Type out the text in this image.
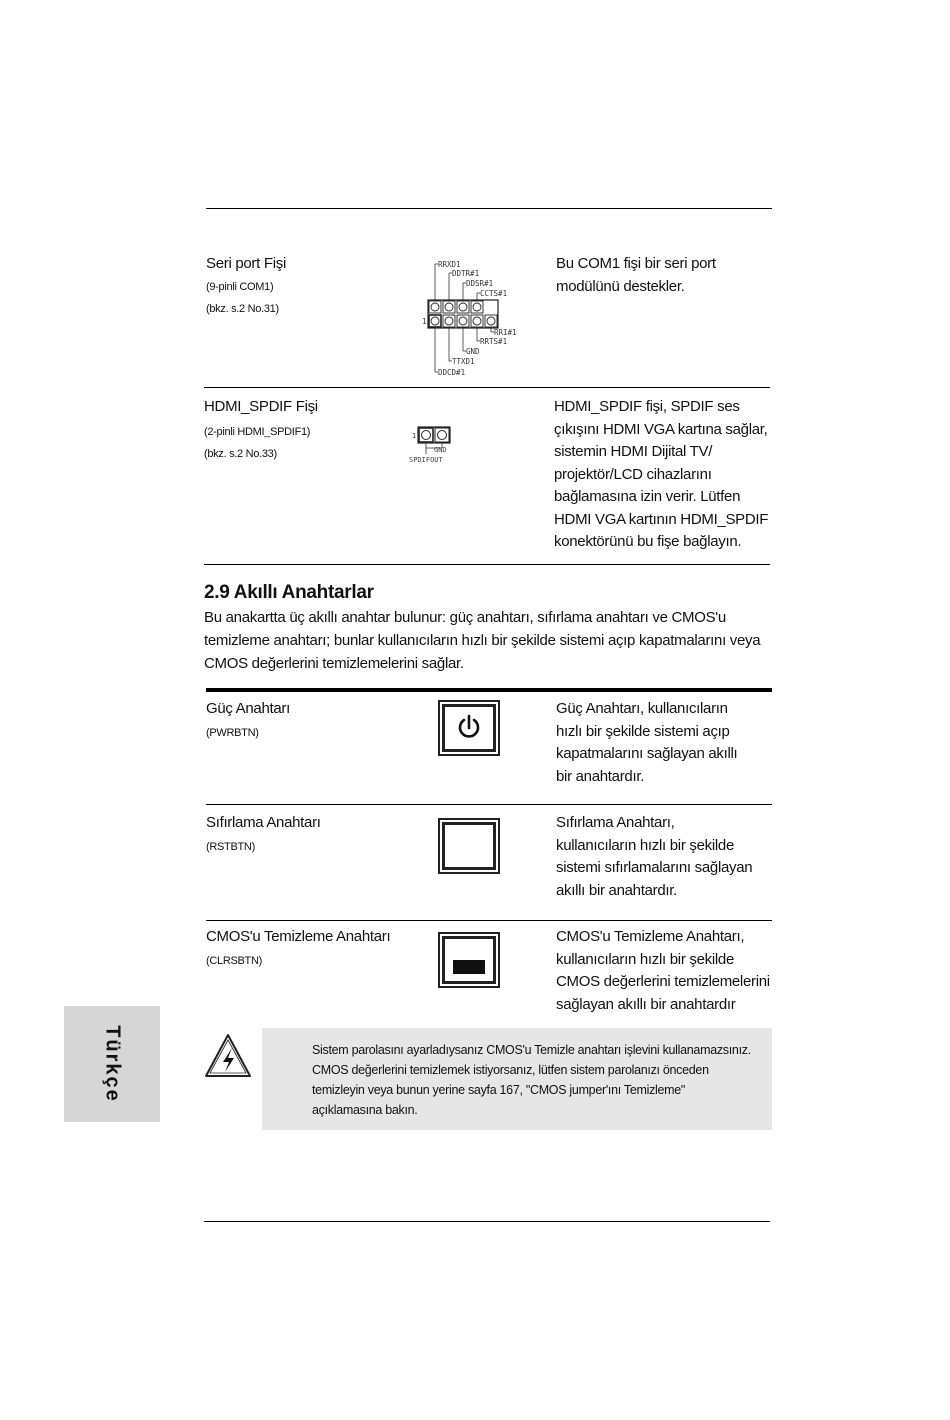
Seri port Fişi
(9-pinli COM1)
(bkz. s.2 No.31)
RRXD1
DDTR#1
DDSR#1
CCTS#1
RRI#1
RRTS#1
GND
TTXD1
DDCD#1
1
Bu COM1 fişi bir seri port modülünü destekler.
HDMI_SPDIF Fişi
(2-pinli HDMI_SPDIF1)
(bkz. s.2 No.33)
1
GND
SPDIFOUT
HDMI_SPDIF fişi, SPDIF ses çıkışını HDMI VGA kartına sağlar, sistemin HDMI Dijital TV/ projektör/LCD cihazlarını bağlamasına izin verir. Lütfen HDMI VGA kartının HDMI_SPDIF konektörünü bu fişe bağlayın.
2.9 Akıllı Anahtarlar
Bu anakartta üç akıllı anahtar bulunur: güç anahtarı, sıfırlama anahtarı ve CMOS'u temizleme anahtarı; bunlar kullanıcıların hızlı bir şekilde sistemi açıp kapatmalarını veya CMOS değerlerini temizlemelerini sağlar.
Güç Anahtarı
(PWRBTN)
Güç Anahtarı, kullanıcıların hızlı bir şekilde sistemi açıp kapatmalarını sağlayan akıllı bir anahtardır.
Sıfırlama Anahtarı
(RSTBTN)
Sıfırlama Anahtarı, kullanıcıların hızlı bir şekilde sistemi sıfırlamalarını sağlayan akıllı bir anahtardır.
CMOS'u Temizleme Anahtarı
(CLRSBTN)
CMOS'u Temizleme Anahtarı, kullanıcıların hızlı bir şekilde CMOS değerlerini temizlemelerini sağlayan akıllı bir anahtardır
Türkçe	Sistem parolasını ayarladıysanız CMOS'u Temizle anahtarı işlevini kullanamazsınız. CMOS değerlerini temizlemek istiyorsanız, lütfen sistem parolanızı önceden temizleyin veya bunun yerine sayfa 167, "CMOS jumper'ını Temizleme" açıklamasına bakın.
